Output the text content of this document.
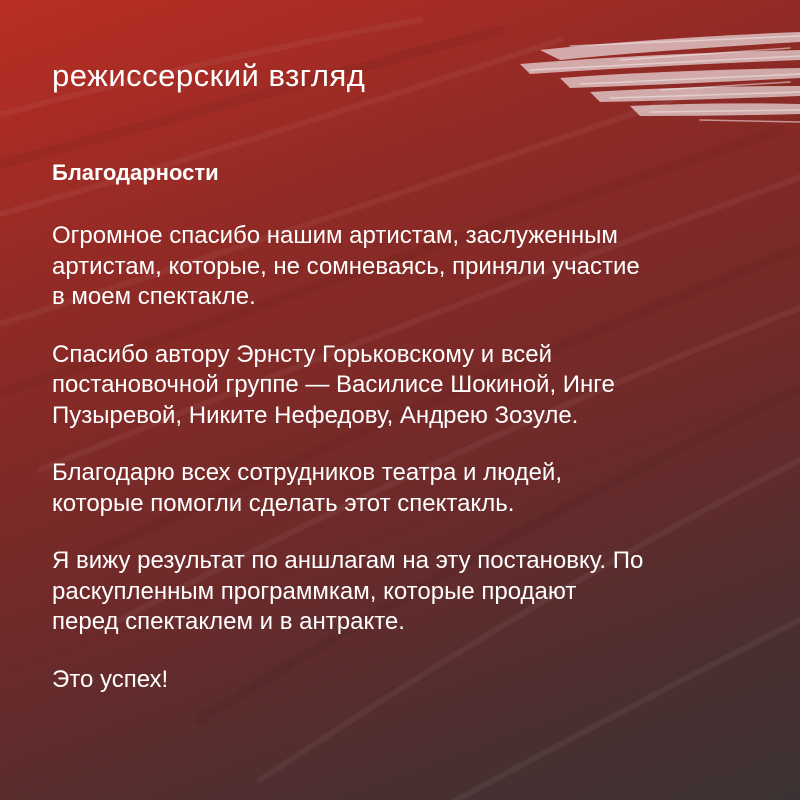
режиссерский взгляд
Благодарности

Огромное спасибо нашим артистам, заслуженным
артистам, которые, не сомневаясь, приняли участие
в моем спектакле.

Спасибо автору Эрнсту Горьковскому и всей
постановочной группе — Василисе Шокиной, Инге
Пузыревой, Никите Нефедову, Андрею Зозуле.

Благодарю всех сотрудников театра и людей,
которые помогли сделать этот спектакль.

Я вижу результат по аншлагам на эту постановку. По
раскупленным программкам, которые продают
перед спектаклем и в антракте.

Это успех!
